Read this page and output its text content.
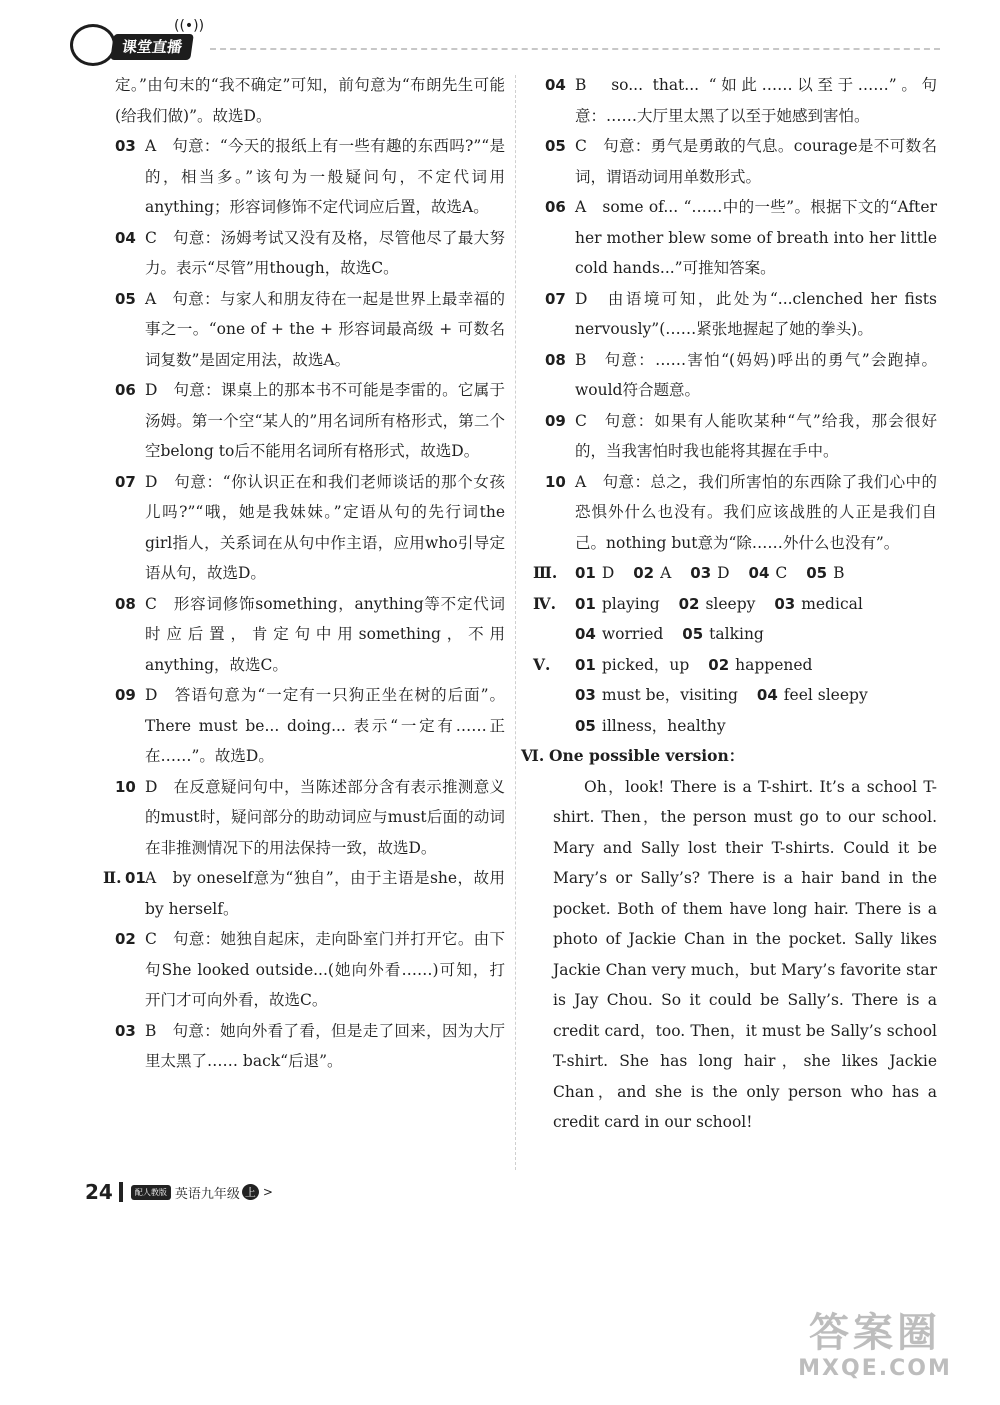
课堂直播
((•))
定。”由句末的“我不确定”可知，前句意为“布朗先生可能(给我们做)”。故选D。
03 A　句意：“今天的报纸上有一些有趣的东西吗?”“是的，相当多。”该句为一般疑问句，不定代词用anything；形容词修饰不定代词应后置，故选A。
04 C　句意：汤姆考试又没有及格，尽管他尽了最大努力。表示“尽管”用though，故选C。
05 A　句意：与家人和朋友待在一起是世界上最幸福的事之一。“one of + the + 形容词最高级 + 可数名词复数”是固定用法，故选A。
06 D　句意：课桌上的那本书不可能是李雷的。它属于汤姆。第一个空“某人的”用名词所有格形式，第二个空belong to后不能用名词所有格形式，故选D。
07 D　句意：“你认识正在和我们老师谈话的那个女孩儿吗?”“哦，她是我妹妹。”定语从句的先行词the girl指人，关系词在从句中作主语，应用who引导定语从句，故选D。
08 C　形容词修饰something，anything等不定代词时应后置，肯定句中用something，不用anything，故选C。
09 D　答语句意为“一定有一只狗正坐在树的后面”。There must be... doing... 表示“一定有……正在……”。故选D。
10 D　在反意疑问句中，当陈述部分含有表示推测意义的must时，疑问部分的助动词应与must后面的动词在非推测情况下的用法保持一致，故选D。
Ⅱ. 01 A　by oneself意为“独自”，由于主语是she，故用by herself。
02 C　句意：她独自起床，走向卧室门并打开它。由下句She looked outside...(她向外看……)可知，打开门才可向外看，故选C。
03 B　句意：她向外看了看，但是走了回来，因为大厅里太黑了…… back“后退”。
04 B　so... that... “如此……以至于……”。句意：……大厅里太黑了以至于她感到害怕。
05 C　句意：勇气是勇敢的气息。courage是不可数名词，谓语动词用单数形式。
06 A　some of... “……中的一些”。根据下文的“After her mother blew some of breath into her little cold hands...”可推知答案。
07 D　由语境可知，此处为“...clenched her fists nervously”(……紧张地握起了她的拳头)。
08 B　句意：……害怕“(妈妈)呼出的勇气”会跑掉。would符合题意。
09 C　句意：如果有人能吹某种“气”给我，那会很好的，当我害怕时我也能将其握在手中。
10 A　句意：总之，我们所害怕的东西除了我们心中的恐惧外什么也没有。我们应该战胜的人正是我们自己。nothing but意为“除……外什么也没有”。
Ⅲ. 01 D 02 A 03 D 04 C 05 B
Ⅳ. 01 playing 02 sleepy 03 medical
04 worried 05 talking
Ⅴ. 01 picked，up 02 happened
03 must be，visiting 04 feel sleepy
05 illness，healthy
Ⅵ. One possible version：

Oh，look! There is a T-shirt. It’s a school T-shirt. Then，the person must go to our school. Mary and Sally lost their T-shirts. Could it be Mary’s or Sally’s? There is a hair band in the pocket. Both of them have long hair. There is a photo of Jackie Chan in the pocket. Sally likes Jackie Chan very much，but Mary’s favorite star is Jay Chou. So it could be Sally’s. There is a credit card，too. Then，it must be Sally’s school T-shirt. She has long hair，she likes Jackie Chan，and she is the only person who has a credit card in our school!

24	配人教版 英语九年级 上 >
答案圈
MXQE.COM
